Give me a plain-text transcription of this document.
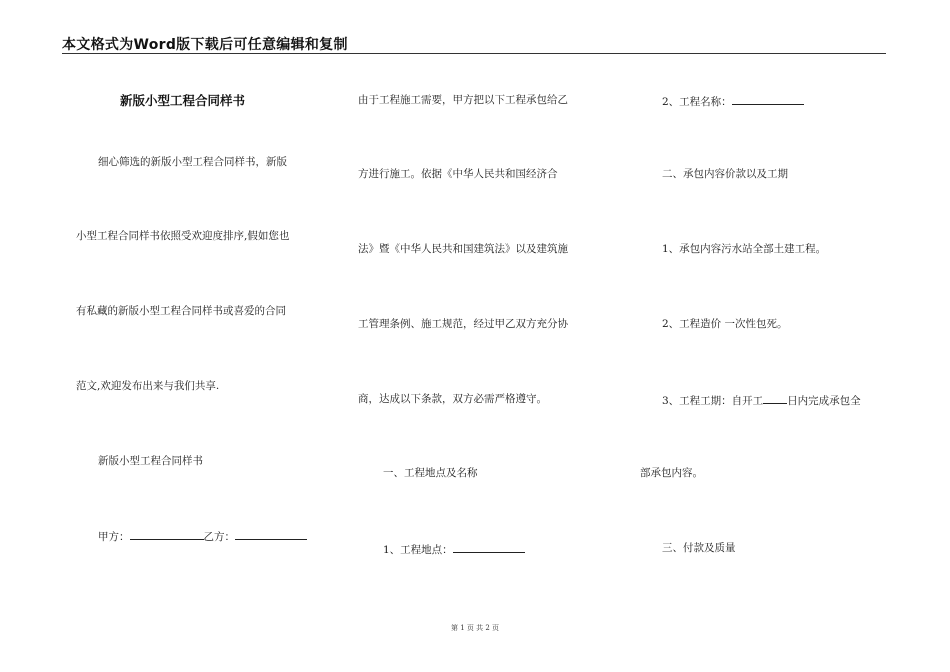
本文格式为Word版下载后可任意编辑和复制
新版小型工程合同样书
细心筛选的新版小型工程合同样书，新版
小型工程合同样书依照受欢迎度排序,假如您也
有私藏的新版小型工程合同样书或喜爱的合同
范文,欢迎发布出来与我们共享.
新版小型工程合同样书
甲方：	乙方：
由于工程施工需要，甲方把以下工程承包给乙
方进行施工。依据《中华人民共和国经济合
法》暨《中华人民共和国建筑法》以及建筑施
工管理条例、施工规范，经过甲乙双方充分协
商，达成以下条款，双方必需严格遵守。
一、工程地点及名称
1、工程地点：
2、工程名称：
二、承包内容价款以及工期
1、承包内容污水站全部土建工程。
2、工程造价 一次性包死。
3、工程工期：自开工 日内完成承包全
部承包内容。
三、付款及质量
第 1 页 共 2 页
